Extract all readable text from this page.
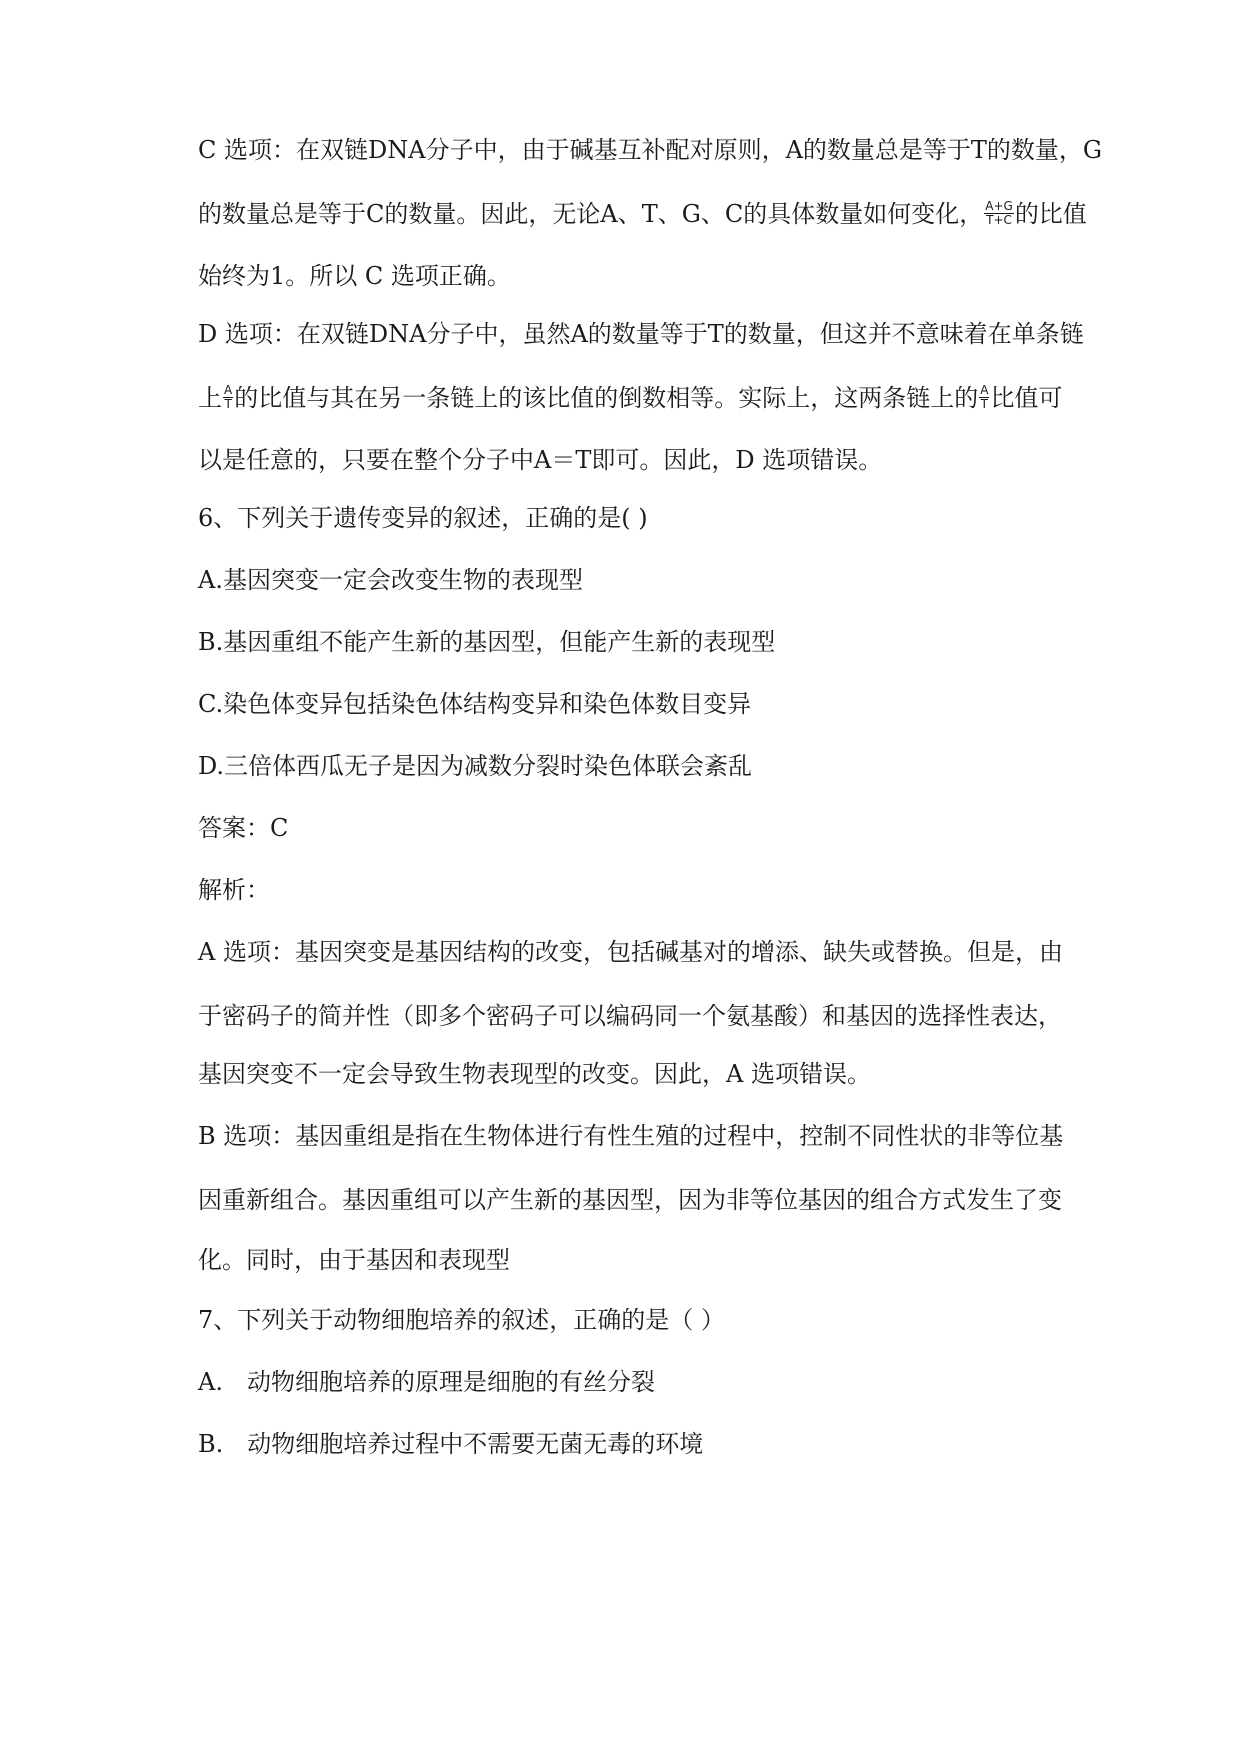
C 选项：在双链DNA分子中，由于碱基互补配对原则，A的数量总是等于T的数量，G
的数量总是等于C的数量。因此，无论A、T、G、C的具体数量如何变化， $\frac{A+G}{T+C}$ 的比值
始终为1。所以 C 选项正确。
D 选项：在双链DNA分子中，虽然A的数量等于T的数量，但这并不意味着在单条链
上 $\frac{A}{T}$ 的比值与其在另一条链上的该比值的倒数相等。实际上，这两条链上的 $\frac{A}{T}$ 比值可
以是任意的，只要在整个分子中A＝T即可。因此，D 选项错误。
6、下列关于遗传变异的叙述，正确的是( )
A.基因突变一定会改变生物的表现型
B.基因重组不能产生新的基因型，但能产生新的表现型
C.染色体变异包括染色体结构变异和染色体数目变异
D.三倍体西瓜无子是因为减数分裂时染色体联会紊乱
答案：C
解析：
A 选项：基因突变是基因结构的改变，包括碱基对的增添、缺失或替换。但是，由
于密码子的简并性（即多个密码子可以编码同一个氨基酸）和基因的选择性表达，
基因突变不一定会导致生物表现型的改变。因此，A 选项错误。
B 选项：基因重组是指在生物体进行有性生殖的过程中，控制不同性状的非等位基
因重新组合。基因重组可以产生新的基因型，因为非等位基因的组合方式发生了变
化。同时，由于基因和表现型
7、下列关于动物细胞培养的叙述，正确的是（ ）
A.　动物细胞培养的原理是细胞的有丝分裂
B.　动物细胞培养过程中不需要无菌无毒的环境
